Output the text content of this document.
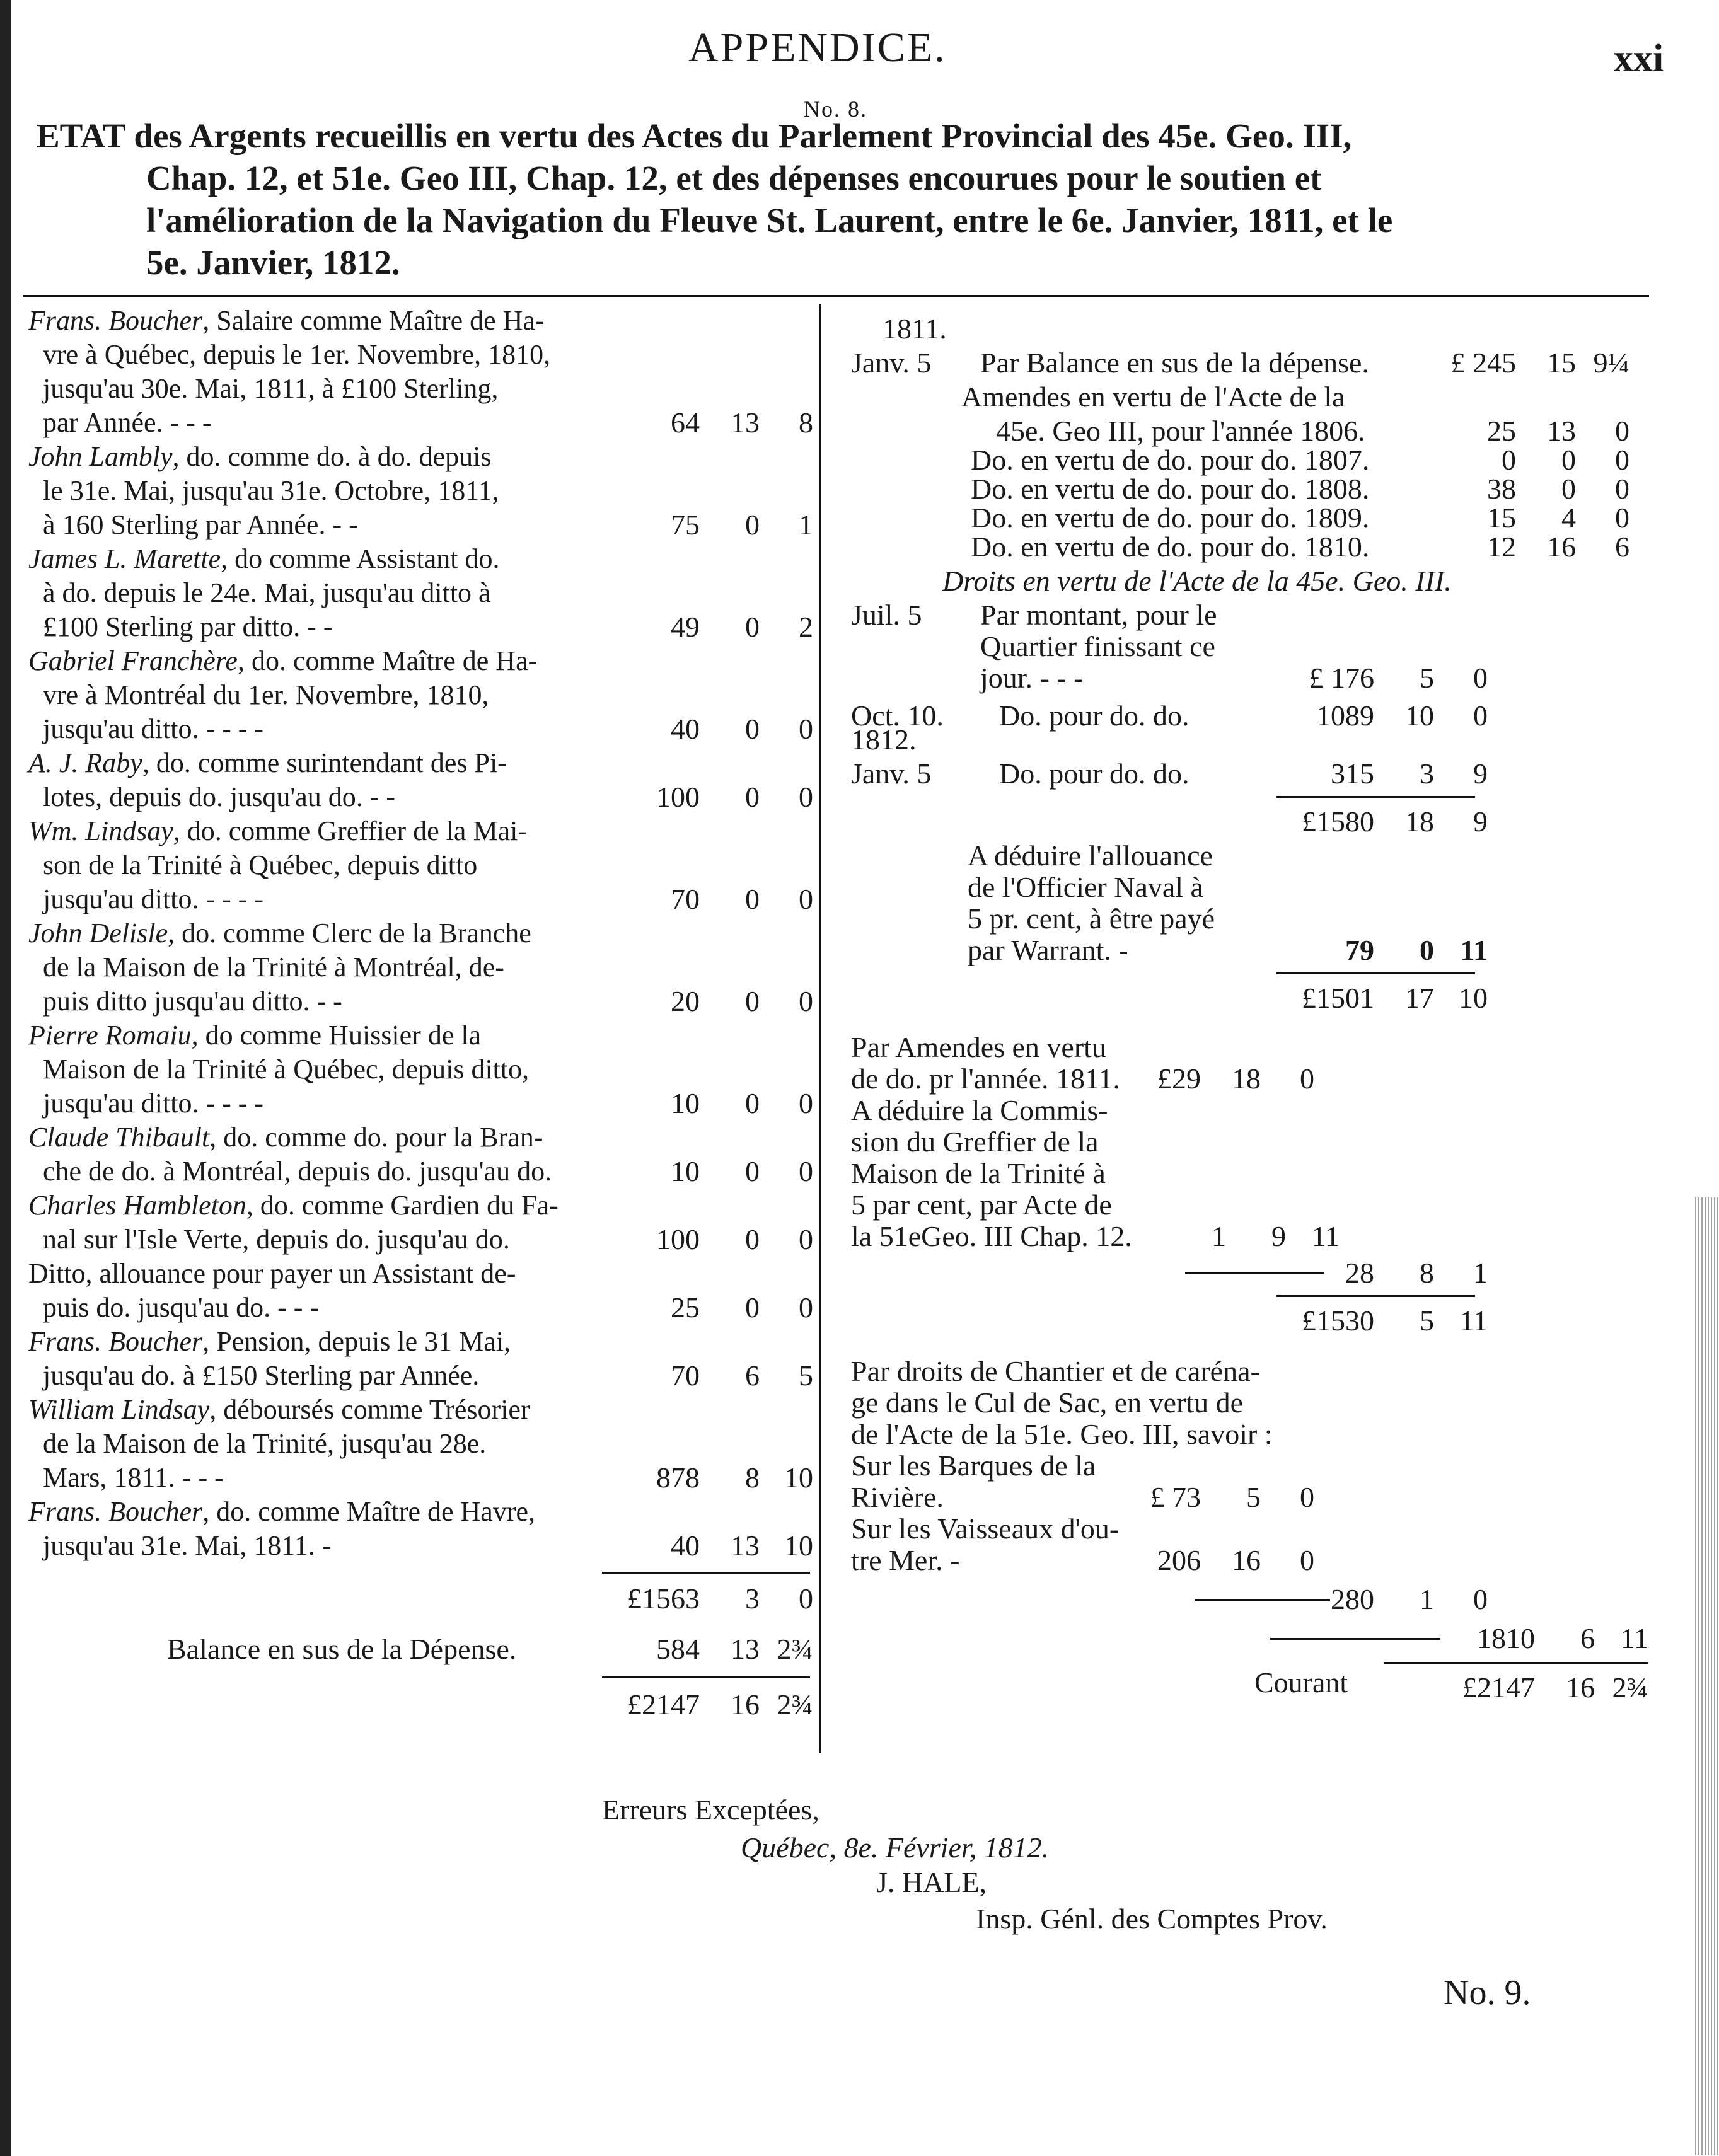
APPENDICE.	xxi
No. 8.
ETAT des Argents recueillis en vertu des Actes du Parlement Provincial des 45e. Geo. III,
Chap. 12, et 51e. Geo III, Chap. 12, et des dépenses encourues pour le soutien et
l'amélioration de la Navigation du Fleuve St. Laurent, entre le 6e. Janvier, 1811, et le
5e. Janvier, 1812.
Frans. Boucher, Salaire comme Maître de Ha-
vre à Québec, depuis le 1er. Novembre, 1810,
jusqu'au 30e. Mai, 1811, à £100 Sterling,
par Année. - - -	64	13	8
John Lambly, do. comme do. à do. depuis
le 31e. Mai, jusqu'au 31e. Octobre, 1811,
à 160 Sterling par Année. - -	75	0	1
James L. Marette, do comme Assistant do.
à do. depuis le 24e. Mai, jusqu'au ditto à
£100 Sterling par ditto. - -	49	0	2
Gabriel Franchère, do. comme Maître de Ha-
vre à Montréal du 1er. Novembre, 1810,
jusqu'au ditto. - - - -	40	0	0
A. J. Raby, do. comme surintendant des Pi-
lotes, depuis do. jusqu'au do. - -	100	0	0
Wm. Lindsay, do. comme Greffier de la Mai-
son de la Trinité à Québec, depuis ditto
jusqu'au ditto. - - - -	70	0	0
John Delisle, do. comme Clerc de la Branche
de la Maison de la Trinité à Montréal, de-
puis ditto jusqu'au ditto. - -	20	0	0
Pierre Romaiu, do comme Huissier de la
Maison de la Trinité à Québec, depuis ditto,
jusqu'au ditto. - - - -	10	0	0
Claude Thibault, do. comme do. pour la Bran-
che de do. à Montréal, depuis do. jusqu'au do.	10	0	0
Charles Hambleton, do. comme Gardien du Fa-
nal sur l'Isle Verte, depuis do. jusqu'au do.	100	0	0
Ditto, allouance pour payer un Assistant de-
puis do. jusqu'au do. - - -	25	0	0
Frans. Boucher, Pension, depuis le 31 Mai,
jusqu'au do. à £150 Sterling par Année.	70	6	5
William Lindsay, déboursés comme Trésorier
de la Maison de la Trinité, jusqu'au 28e.
Mars, 1811. - - -	878	8 10
Frans. Boucher, do. comme Maître de Havre,
jusqu'au 31e. Mai, 1811. -	40	13 10
£1563	3	0
Balance en sus de la Dépense.	584	13 2¾
£2147	16 2¾
1811.
Janv. 5 Par Balance en sus de la dépense.	£ 245	15 9¼
Amendes en vertu de l'Acte de la
45e. Geo III, pour l'année 1806.	25	13	0
Do. en vertu de do. pour do. 1807.	0	0	0
Do. en vertu de do. pour do. 1808.	38	0	0
Do. en vertu de do. pour do. 1809.	15	4	0
Do. en vertu de do. pour do. 1810.	12	16	6
Droits en vertu de l'Acte de la 45e. Geo. III.
Juil. 5 Par montant, pour le
Quartier finissant ce
jour. - - -	£ 176	5	0
Oct. 10. Do. pour do. do.	1089	10	0
1812.
Janv. 5 Do. pour do. do.	315	3	9
£1580	18	9
A déduire l'allouance
de l'Officier Naval à
5 pr. cent, à être payé
par Warrant. -	79	0 11
£1501	17 10
Par Amendes en vertu
de do. pr l'année. 1811.	£29	18	0
A déduire la Commis-
sion du Greffier de la
Maison de la Trinité à
5 par cent, par Acte de
la 51eGeo. III Chap. 12.	1	9 11
28	8	1
£1530	5 11
Par droits de Chantier et de caréna-
ge dans le Cul de Sac, en vertu de
de l'Acte de la 51e. Geo. III, savoir :
Sur les Barques de la
Rivière.	£ 73	5	0
Sur les Vaisseaux d'ou-
tre Mer. -	206	16	0
280	1	0
1810	6 11
Courant	£2147	16 2¾
Erreurs Exceptées,
Québec, 8e. Février, 1812.
J. HALE,
Insp. Génl. des Comptes Prov.
No. 9.
